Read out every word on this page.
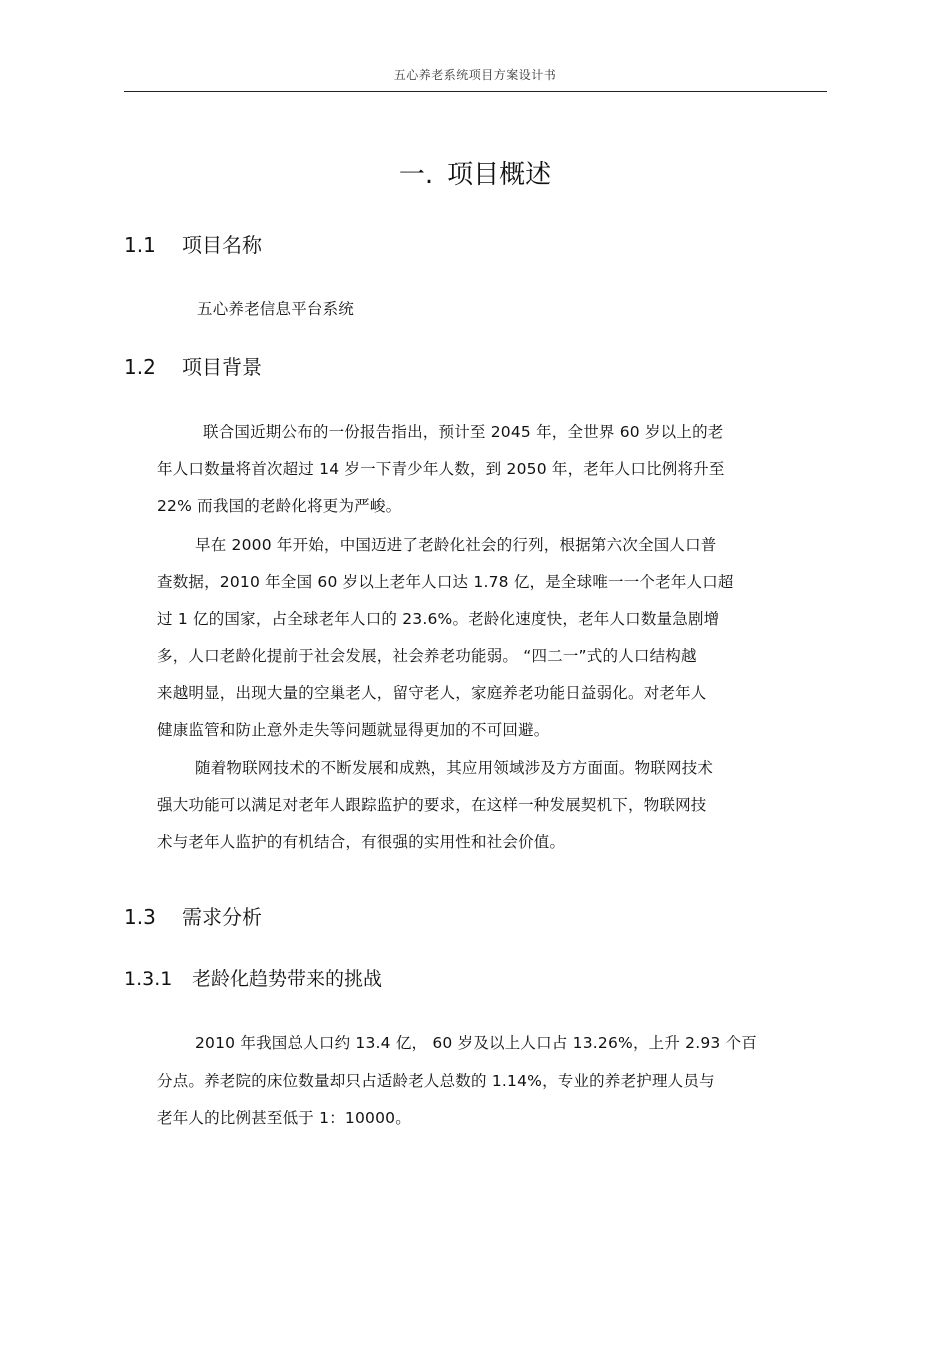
五心养老系统项目方案设计书
一. 项目概述
1.1 项目名称
五心养老信息平台系统
1.2 项目背景
联合国近期公布的一份报告指出，预计至 2045 年，全世界 60 岁以上的老
年人口数量将首次超过 14 岁一下青少年人数，到 2050 年，老年人口比例将升至
22% 而我国的老龄化将更为严峻。
早在 2000 年开始，中国迈进了老龄化社会的行列，根据第六次全国人口普
查数据，2010 年全国 60 岁以上老年人口达 1.78 亿，是全球唯一一个老年人口超
过 1 亿的国家，占全球老年人口的 23.6%。老龄化速度快，老年人口数量急剧增
多，人口老龄化提前于社会发展，社会养老功能弱。 “四二一”式的人口结构越
来越明显，出现大量的空巢老人，留守老人，家庭养老功能日益弱化。对老年人
健康监管和防止意外走失等问题就显得更加的不可回避。
随着物联网技术的不断发展和成熟，其应用领域涉及方方面面。物联网技术
强大功能可以满足对老年人跟踪监护的要求，在这样一种发展契机下，物联网技
术与老年人监护的有机结合，有很强的实用性和社会价值。
1.3 需求分析
1.3.1 老龄化趋势带来的挑战
2010 年我国总人口约 13.4 亿， 60 岁及以上人口占 13.26%，上升 2.93 个百
分点。养老院的床位数量却只占适龄老人总数的 1.14%，专业的养老护理人员与
老年人的比例甚至低于 1：10000。
